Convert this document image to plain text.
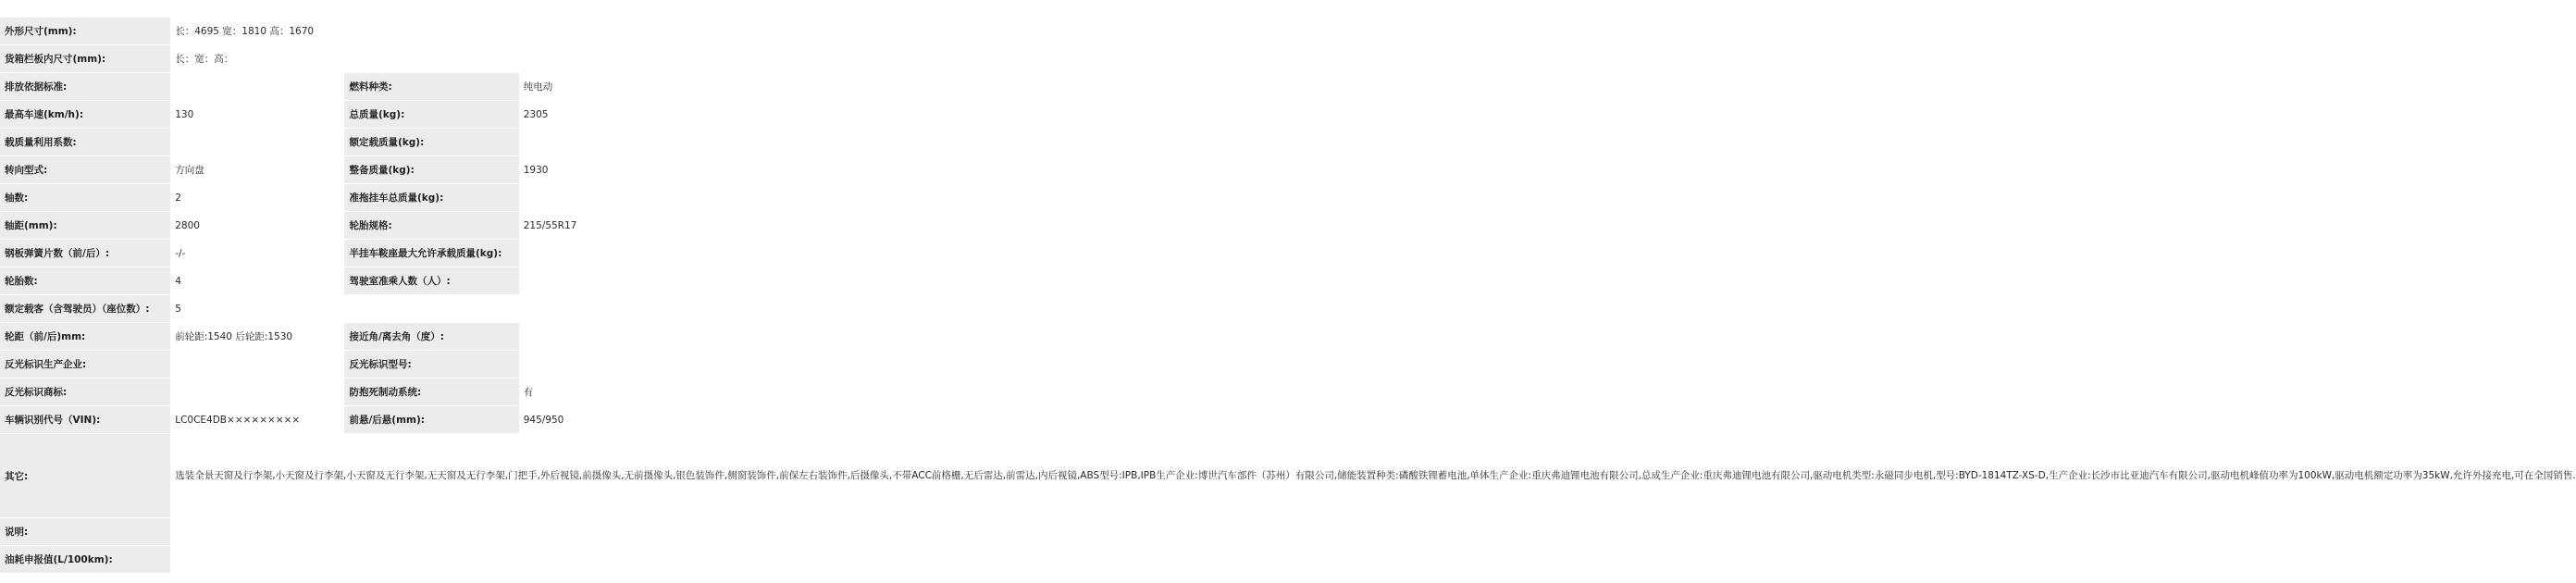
外形尺寸(mm):	长：4695 宽：1810 高：1670		
货箱栏板内尺寸(mm):	长：宽：高：		
排放依据标准:		燃料种类:	纯电动
最高车速(km/h):	130	总质量(kg):	2305
载质量利用系数:		额定载质量(kg):	
转向型式:	方向盘	整备质量(kg):	1930
轴数:	2	准拖挂车总质量(kg):	
轴距(mm):	2800	轮胎规格:	215/55R17
钢板弹簧片数（前/后）:	-/-	半挂车鞍座最大允许承载质量(kg):	
轮胎数:	4	驾驶室准乘人数（人）:	
额定载客（含驾驶员）（座位数）:	5		
轮距（前/后)mm:	前轮距:1540 后轮距:1530	接近角/离去角（度）:	
反光标识生产企业:		反光标识型号:	
反光标识商标:		防抱死制动系统:	有
车辆识别代号（VIN):	LC0CE4DB×××××××××	前悬/后悬(mm):	945/950
其它:	选装全景天窗及行李架,小天窗及行李架,小天窗及无行李架,无天窗及无行李架,门把手,外后视镜,前摄像头,无前摄像头,银色装饰件,侧窗装饰件,前保左右装饰件,后摄像头,不带ACC前格栅,无后雷达,前雷达,内后视镜,ABS型号:IPB,IPB生产企业:博世汽车部件（苏州）有限公司,储能装置种类:磷酸铁锂蓄电池,单体生产企业:重庆弗迪锂电池有限公司,总成生产企业:重庆弗迪锂电池有限公司,驱动电机类型:永磁同步电机,型号:BYD-1814TZ-XS-D,生产企业:长沙市比亚迪汽车有限公司,驱动电机峰值功率为100kW,驱动电机额定功率为35kW,允许外接充电,可在全国销售.		
说明:			
油耗申报值(L/100km):			
